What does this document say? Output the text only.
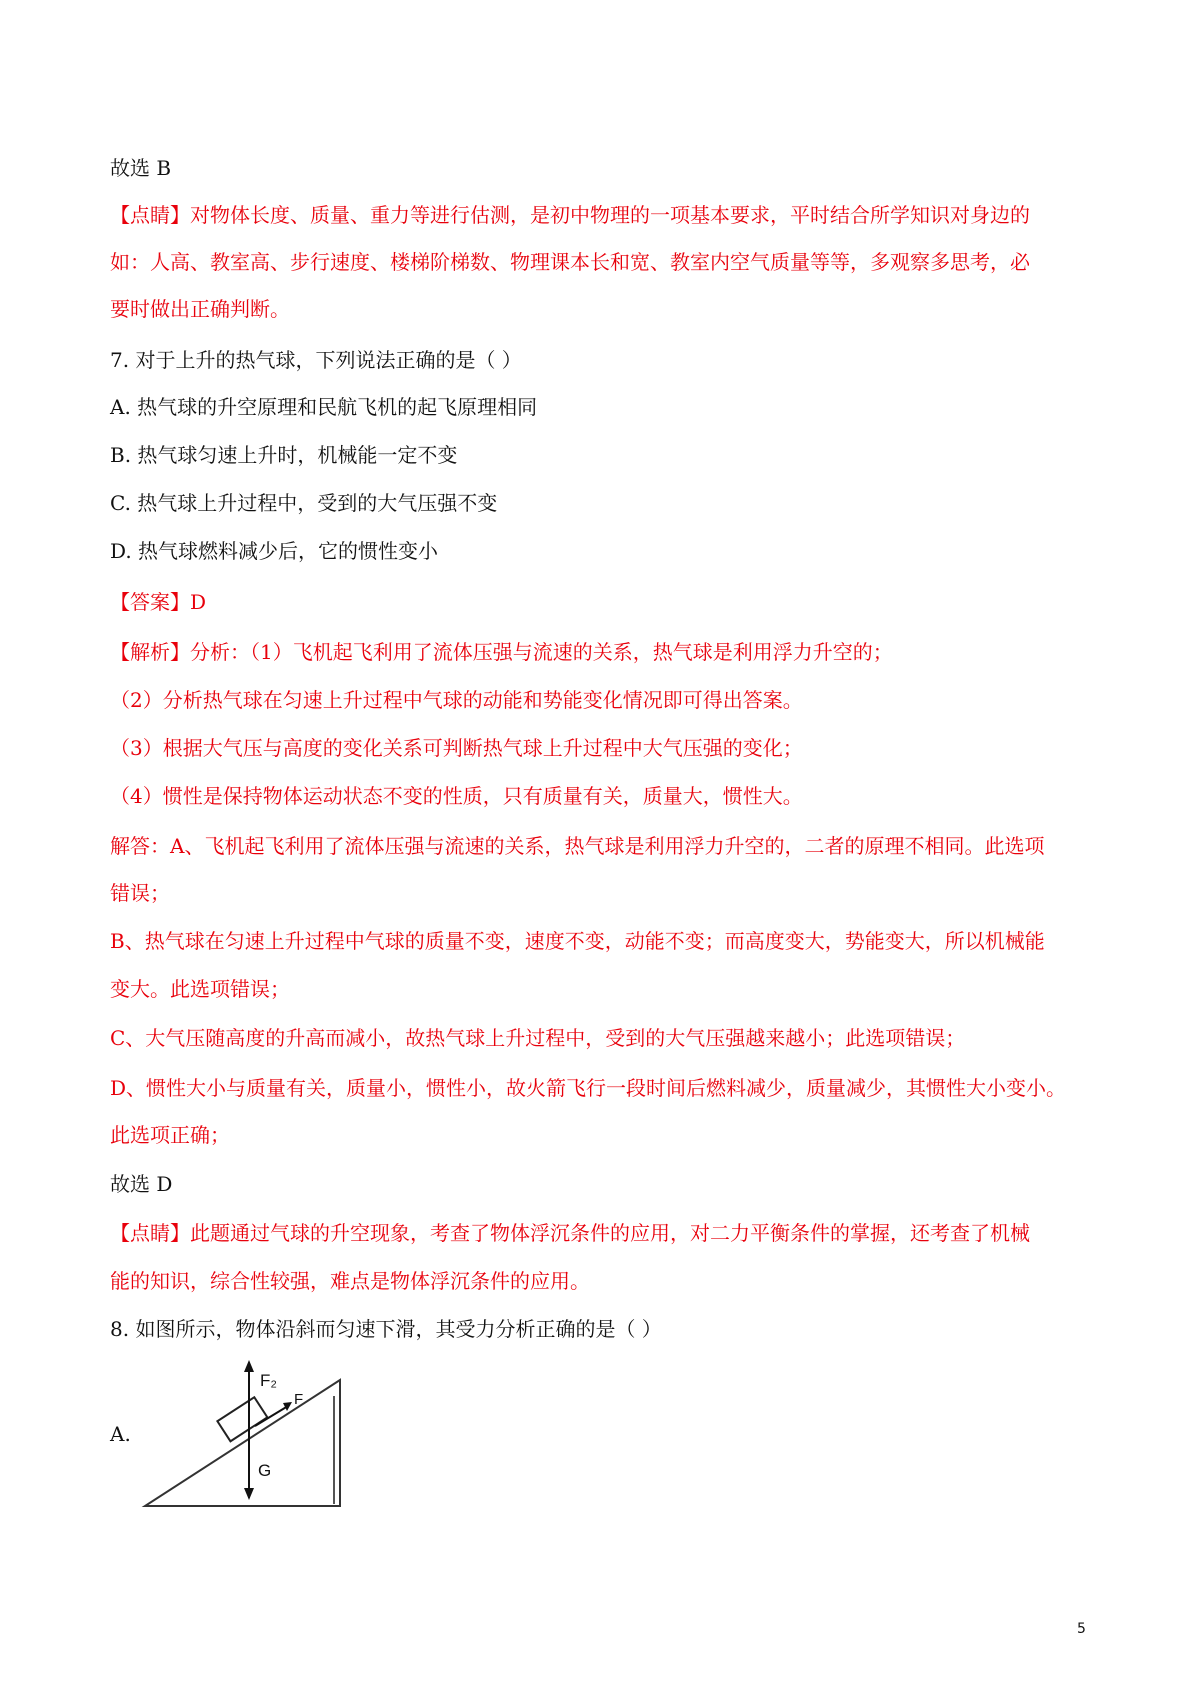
故选 B
【点睛】对物体长度、质量、重力等进行估测，是初中物理的一项基本要求，平时结合所学知识对身边的
如：人高、教室高、步行速度、楼梯阶梯数、物理课本长和宽、教室内空气质量等等，多观察多思考，必
要时做出正确判断。
7. 对于上升的热气球，下列说法正确的是（ ）
A. 热气球的升空原理和民航飞机的起飞原理相同
B. 热气球匀速上升时，机械能一定不变
C. 热气球上升过程中，受到的大气压强不变
D. 热气球燃料减少后，它的惯性变小
【答案】D
【解析】分析：（1）飞机起飞利用了流体压强与流速的关系，热气球是利用浮力升空的；
（2）分析热气球在匀速上升过程中气球的动能和势能变化情况即可得出答案。
（3）根据大气压与高度的变化关系可判断热气球上升过程中大气压强的变化；
（4）惯性是保持物体运动状态不变的性质，只有质量有关，质量大，惯性大。
解答：A、飞机起飞利用了流体压强与流速的关系，热气球是利用浮力升空的，二者的原理不相同。此选项
错误；
B、热气球在匀速上升过程中气球的质量不变，速度不变，动能不变；而高度变大，势能变大，所以机械能
变大。此选项错误；
C、大气压随高度的升高而减小，故热气球上升过程中，受到的大气压强越来越小；此选项错误；
D、惯性大小与质量有关，质量小，惯性小，故火箭飞行一段时间后燃料减少，质量减少，其惯性大小变小。
此选项正确；
故选 D
【点睛】此题通过气球的升空现象，考查了物体浮沉条件的应用，对二力平衡条件的掌握，还考查了机械
能的知识，综合性较强，难点是物体浮沉条件的应用。
8. 如图所示，物体沿斜而匀速下滑，其受力分析正确的是（ ）
A.
F₂
F
G
5
